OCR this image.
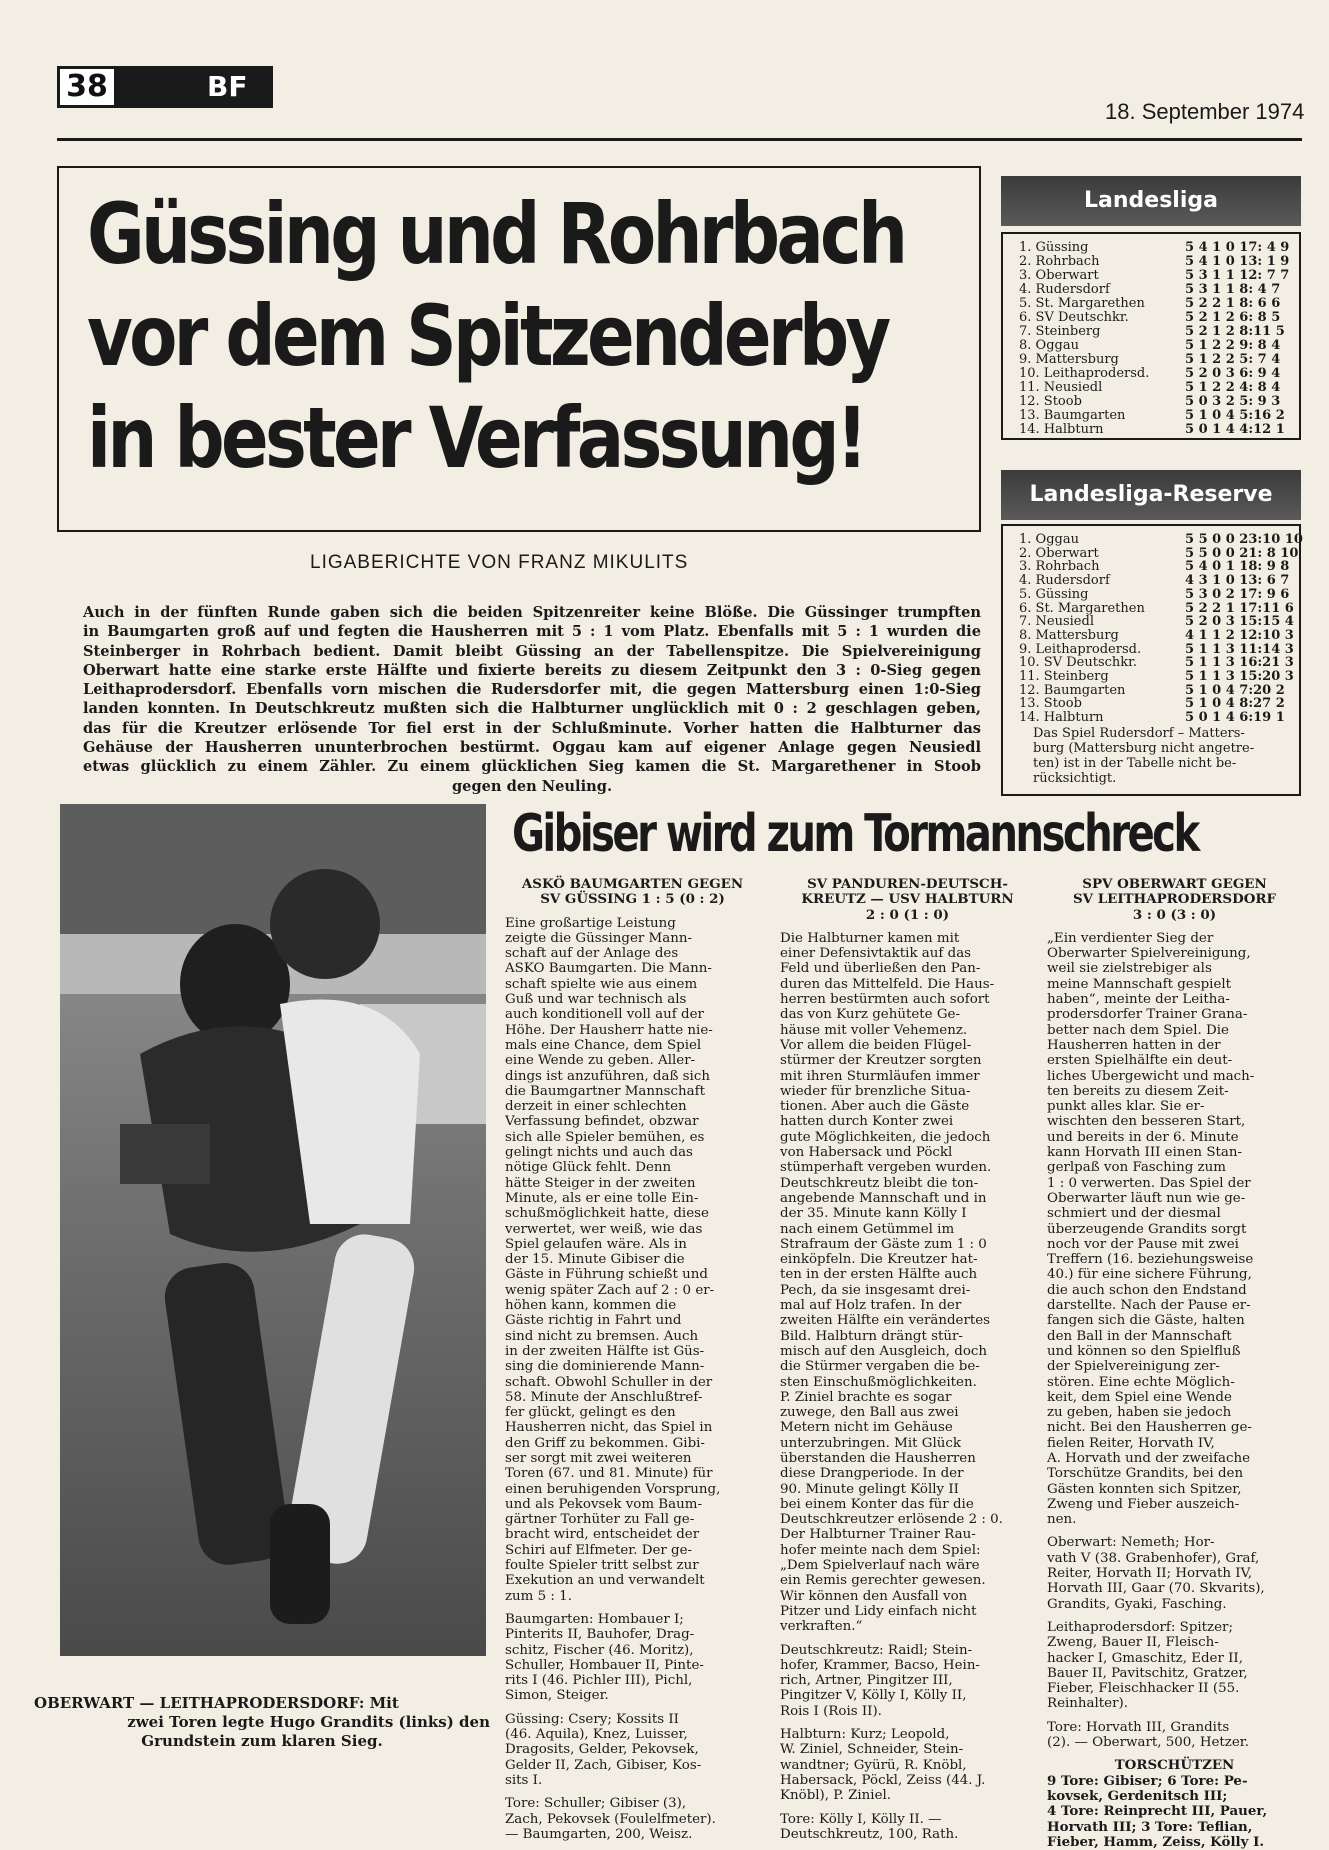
38	BF
18. September 1974
Güssing und Rohrbach
vor dem Spitzenderby
in bester Verfassung!
LIGABERICHTE VON FRANZ MIKULITS
Auch in der fünften Runde gaben sich die beiden Spitzenreiter keine Blöße. Die Güssinger trumpften
in Baumgarten groß auf und fegten die Hausherren mit 5 : 1 vom Platz. Ebenfalls mit 5 : 1 wurden die
Steinberger in Rohrbach bedient. Damit bleibt Güssing an der Tabellenspitze. Die Spielvereinigung
Oberwart hatte eine starke erste Hälfte und fixierte bereits zu diesem Zeitpunkt den 3 : 0-Sieg gegen
Leithaprodersdorf. Ebenfalls vorn mischen die Rudersdorfer mit, die gegen Mattersburg einen 1:0-Sieg
landen konnten. In Deutschkreutz mußten sich die Halbturner unglücklich mit 0 : 2 geschlagen geben,
das für die Kreutzer erlösende Tor fiel erst in der Schlußminute. Vorher hatten die Halbturner das
Gehäuse der Hausherren ununterbrochen bestürmt. Oggau kam auf eigener Anlage gegen Neusiedl
etwas glücklich zu einem Zähler. Zu einem glücklichen Sieg kamen die St. Margarethener in Stoob
gegen den Neuling.
Landesliga
1. Güssing	5 4 1 0 17: 4 9
2. Rohrbach	5 4 1 0 13: 1 9
3. Oberwart	5 3 1 1 12: 7 7
4. Rudersdorf	5 3 1 1 8: 4 7
5. St. Margarethen	5 2 2 1 8: 6 6
6. SV Deutschkr.	5 2 1 2 6: 8 5
7. Steinberg	5 2 1 2 8:11 5
8. Oggau	5 1 2 2 9: 8 4
9. Mattersburg	5 1 2 2 5: 7 4
10. Leithaprodersd.	5 2 0 3 6: 9 4
11. Neusiedl	5 1 2 2 4: 8 4
12. Stoob	5 0 3 2 5: 9 3
13. Baumgarten	5 1 0 4 5:16 2
14. Halbturn	5 0 1 4 4:12 1
Landesliga-Reserve
1. Oggau	5 5 0 0 23:10 10
2. Oberwart	5 5 0 0 21: 8 10
3. Rohrbach	5 4 0 1 18: 9 8
4. Rudersdorf	4 3 1 0 13: 6 7
5. Güssing	5 3 0 2 17: 9 6
6. St. Margarethen	5 2 2 1 17:11 6
7. Neusiedl	5 2 0 3 15:15 4
8. Mattersburg	4 1 1 2 12:10 3
9. Leithaprodersd.	5 1 1 3 11:14 3
10. SV Deutschkr.	5 1 1 3 16:21 3
11. Steinberg	5 1 1 3 15:20 3
12. Baumgarten	5 1 0 4 7:20 2
13. Stoob	5 1 0 4 8:27 2
14. Halbturn	5 0 1 4 6:19 1
Das Spiel Rudersdorf – Matters-
burg (Mattersburg nicht angetre-
ten) ist in der Tabelle nicht be-
rücksichtigt.
OBERWART — LEITHAPRODERSDORF: Mit
zwei Toren legte Hugo Grandits (links) den
Grundstein zum klaren Sieg.
Gibiser wird zum Tormannschreck
ASKÖ BAUMGARTEN GEGEN
SV GÜSSING 1 : 5 (0 : 2)
Eine großartige Leistung
zeigte die Güssinger Mann-
schaft auf der Anlage des
ASKÖ Baumgarten. Die Mann-
schaft spielte wie aus einem
Guß und war technisch als
auch konditionell voll auf der
Höhe. Der Hausherr hatte nie-
mals eine Chance, dem Spiel
eine Wende zu geben. Aller-
dings ist anzuführen, daß sich
die Baumgartner Mannschaft
derzeit in einer schlechten
Verfassung befindet, obzwar
sich alle Spieler bemühen, es
gelingt nichts und auch das
nötige Glück fehlt. Denn
hätte Steiger in der zweiten
Minute, als er eine tolle Ein-
schußmöglichkeit hatte, diese
verwertet, wer weiß, wie das
Spiel gelaufen wäre. Als in
der 15. Minute Gibiser die
Gäste in Führung schießt und
wenig später Zach auf 2 : 0 er-
höhen kann, kommen die
Gäste richtig in Fahrt und
sind nicht zu bremsen. Auch
in der zweiten Hälfte ist Güs-
sing die dominierende Mann-
schaft. Obwohl Schuller in der
58. Minute der Anschlußtref-
fer glückt, gelingt es den
Hausherren nicht, das Spiel in
den Griff zu bekommen. Gibi-
ser sorgt mit zwei weiteren
Toren (67. und 81. Minute) für
einen beruhigenden Vorsprung,
und als Pekovsek vom Baum-
gärtner Torhüter zu Fall ge-
bracht wird, entscheidet der
Schiri auf Elfmeter. Der ge-
foulte Spieler tritt selbst zur
Exekution an und verwandelt
zum 5 : 1.
Baumgarten: Hombauer I;
Pinterits II, Bauhofer, Drag-
schitz, Fischer (46. Moritz),
Schuller, Hombauer II, Pinte-
rits I (46. Pichler III), Pichl,
Simon, Steiger.
Güssing: Csery; Kossits II
(46. Aquila), Knez, Luisser,
Dragosits, Gelder, Pekovsek,
Gelder II, Zach, Gibiser, Kos-
sits I.
Tore: Schuller; Gibiser (3),
Zach, Pekovsek (Foulelfmeter).
— Baumgarten, 200, Weisz.
SV PANDUREN-DEUTSCH-
KREUTZ — USV HALBTURN
2 : 0 (1 : 0)
Die Halbturner kamen mit
einer Defensivtaktik auf das
Feld und überließen den Pan-
duren das Mittelfeld. Die Haus-
herren bestürmten auch sofort
das von Kurz gehütete Ge-
häuse mit voller Vehemenz.
Vor allem die beiden Flügel-
stürmer der Kreutzer sorgten
mit ihren Sturmläufen immer
wieder für brenzliche Situa-
tionen. Aber auch die Gäste
hatten durch Konter zwei
gute Möglichkeiten, die jedoch
von Habersack und Pöckl
stümperhaft vergeben wurden.
Deutschkreutz bleibt die ton-
angebende Mannschaft und in
der 35. Minute kann Kölly I
nach einem Getümmel im
Strafraum der Gäste zum 1 : 0
einköpfeln. Die Kreutzer hat-
ten in der ersten Hälfte auch
Pech, da sie insgesamt drei-
mal auf Holz trafen. In der
zweiten Hälfte ein verändertes
Bild. Halbturn drängt stür-
misch auf den Ausgleich, doch
die Stürmer vergaben die be-
sten Einschußmöglichkeiten.
P. Ziniel brachte es sogar
zuwege, den Ball aus zwei
Metern nicht im Gehäuse
unterzubringen. Mit Glück
überstanden die Hausherren
diese Drangperiode. In der
90. Minute gelingt Kölly II
bei einem Konter das für die
Deutschkreutzer erlösende 2 : 0.
Der Halbturner Trainer Rau-
hofer meinte nach dem Spiel:
„Dem Spielverlauf nach wäre
ein Remis gerechter gewesen.
Wir können den Ausfall von
Pitzer und Lidy einfach nicht
verkraften.“
Deutschkreutz: Raidl; Stein-
hofer, Krammer, Bacso, Hein-
rich, Artner, Pingitzer III,
Pingitzer V, Kölly I, Kölly II,
Rois I (Rois II).
Halbturn: Kurz; Leopold,
W. Ziniel, Schneider, Stein-
wandtner; Gyürü, R. Knöbl,
Habersack, Pöckl, Zeiss (44. J.
Knöbl), P. Ziniel.
Tore: Kölly I, Kölly II. —
Deutschkreutz, 100, Rath.
SPV OBERWART GEGEN
SV LEITHAPRODERSDORF
3 : 0 (3 : 0)
„Ein verdienter Sieg der
Oberwarter Spielvereinigung,
weil sie zielstrebiger als
meine Mannschaft gespielt
haben“, meinte der Leitha-
prodersdorfer Trainer Grana-
better nach dem Spiel. Die
Hausherren hatten in der
ersten Spielhälfte ein deut-
liches Übergewicht und mach-
ten bereits zu diesem Zeit-
punkt alles klar. Sie er-
wischten den besseren Start,
und bereits in der 6. Minute
kann Horvath III einen Stan-
gerlpaß von Fasching zum
1 : 0 verwerten. Das Spiel der
Oberwarter läuft nun wie ge-
schmiert und der diesmal
überzeugende Grandits sorgt
noch vor der Pause mit zwei
Treffern (16. beziehungsweise
40.) für eine sichere Führung,
die auch schon den Endstand
darstellte. Nach der Pause er-
fangen sich die Gäste, halten
den Ball in der Mannschaft
und können so den Spielfluß
der Spielvereinigung zer-
stören. Eine echte Möglich-
keit, dem Spiel eine Wende
zu geben, haben sie jedoch
nicht. Bei den Hausherren ge-
fielen Reiter, Horvath IV,
A. Horvath und der zweifache
Torschütze Grandits, bei den
Gästen konnten sich Spitzer,
Zweng und Fieber auszeich-
nen.
Oberwart: Nemeth; Hor-
vath V (38. Grabenhofer), Graf,
Reiter, Horvath II; Horvath IV,
Horvath III, Gaar (70. Skvarits),
Grandits, Gyaki, Fasching.
Leithaprodersdorf: Spitzer;
Zweng, Bauer II, Fleisch-
hacker I, Gmaschitz, Eder II,
Bauer II, Pavitschitz, Gratzer,
Fieber, Fleischhacker II (55.
Reinhalter).
Tore: Horvath III, Grandits
(2). — Oberwart, 500, Hetzer.
TORSCHÜTZEN
9 Tore: Gibiser; 6 Tore: Pe-
kovsek, Gerdenitsch III;
4 Tore: Reinprecht III, Pauer,
Horvath III; 3 Tore: Teflian,
Fieber, Hamm, Zeiss, Kölly I.
